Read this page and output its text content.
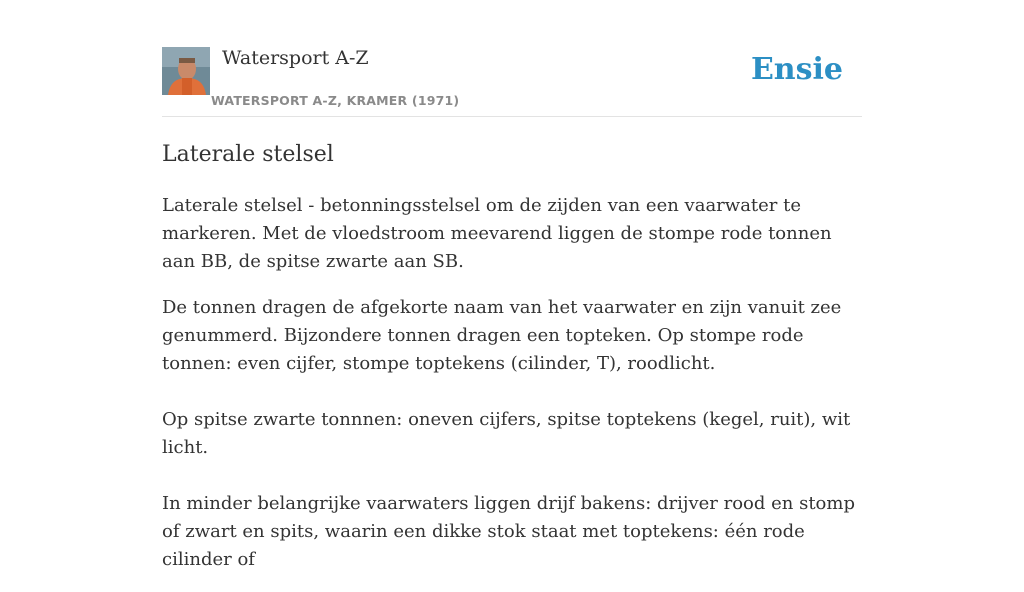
Watersport A-Z
WATERSPORT A-Z, KRAMER (1971)
Ensie
Laterale stelsel

Laterale stelsel - betonningsstelsel om de zijden van een vaarwater te markeren. Met de vloedstroom meevarend liggen de stompe rode tonnen aan BB, de spitse zwarte aan SB.

De tonnen dragen de afgekorte naam van het vaarwater en zijn vanuit zee genummerd. Bijzondere tonnen dragen een topteken. Op stompe rode tonnen: even cijfer, stompe toptekens (cilinder, T), roodlicht.

Op spitse zwarte tonnnen: oneven cijfers, spitse toptekens (kegel, ruit), wit licht.

In minder belangrijke vaarwaters liggen drijf bakens: drijver rood en stomp of zwart en spits, waarin een dikke stok staat met toptekens: één rode cilinder of
